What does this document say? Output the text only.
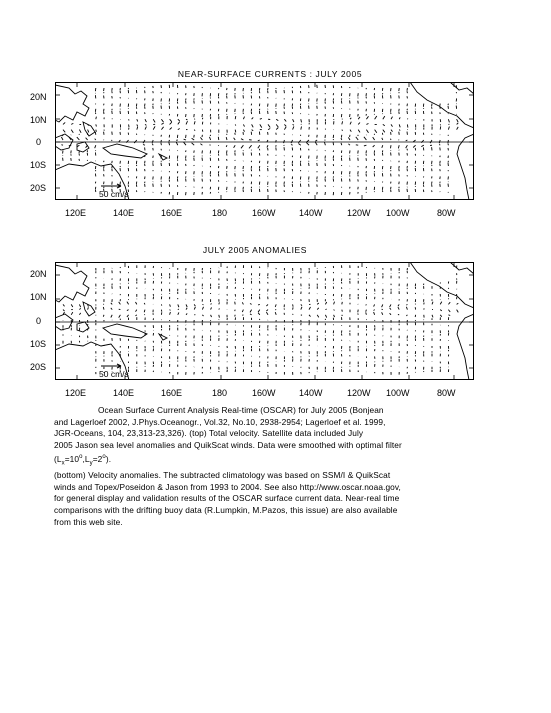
NEAR-SURFACE CURRENTS : JULY 2005
20N
10N
0
10S
20S
50 cm/s
120E	140E	160E	180	160W	140W	120W 100W	80W
JULY 2005 ANOMALIES
20N
10N
0
10S
20S
50 cm/s
120E	140E	160E	180	160W	140W	120W 100W	80W

Ocean Surface Current Analysis Real-time (OSCAR) for July 2005 (Bonjean

and Lagerloef 2002, J.Phys.Oceanogr., Vol.32, No.10, 2938-2954; Lagerloef et al. 1999,

JGR-Oceans, 104, 23,313-23,326). (top) Total velocity. Satellite data included July

2005 Jason sea level anomalies and QuikScat winds. Data were smoothed with optimal filter

$(L_x=10^o,L_y=2^o)$.

(bottom) Velocity anomalies. The subtracted climatology was based on SSM/I & QuikScat

winds and Topex/Poseidon & Jason from 1993 to 2004. See also http://www.oscar.noaa.gov,

for general display and validation results of the OSCAR surface current data. Near-real time

comparisons with the drifting buoy data (R.Lumpkin, M.Pazos, this issue) are also available

from this web site.
